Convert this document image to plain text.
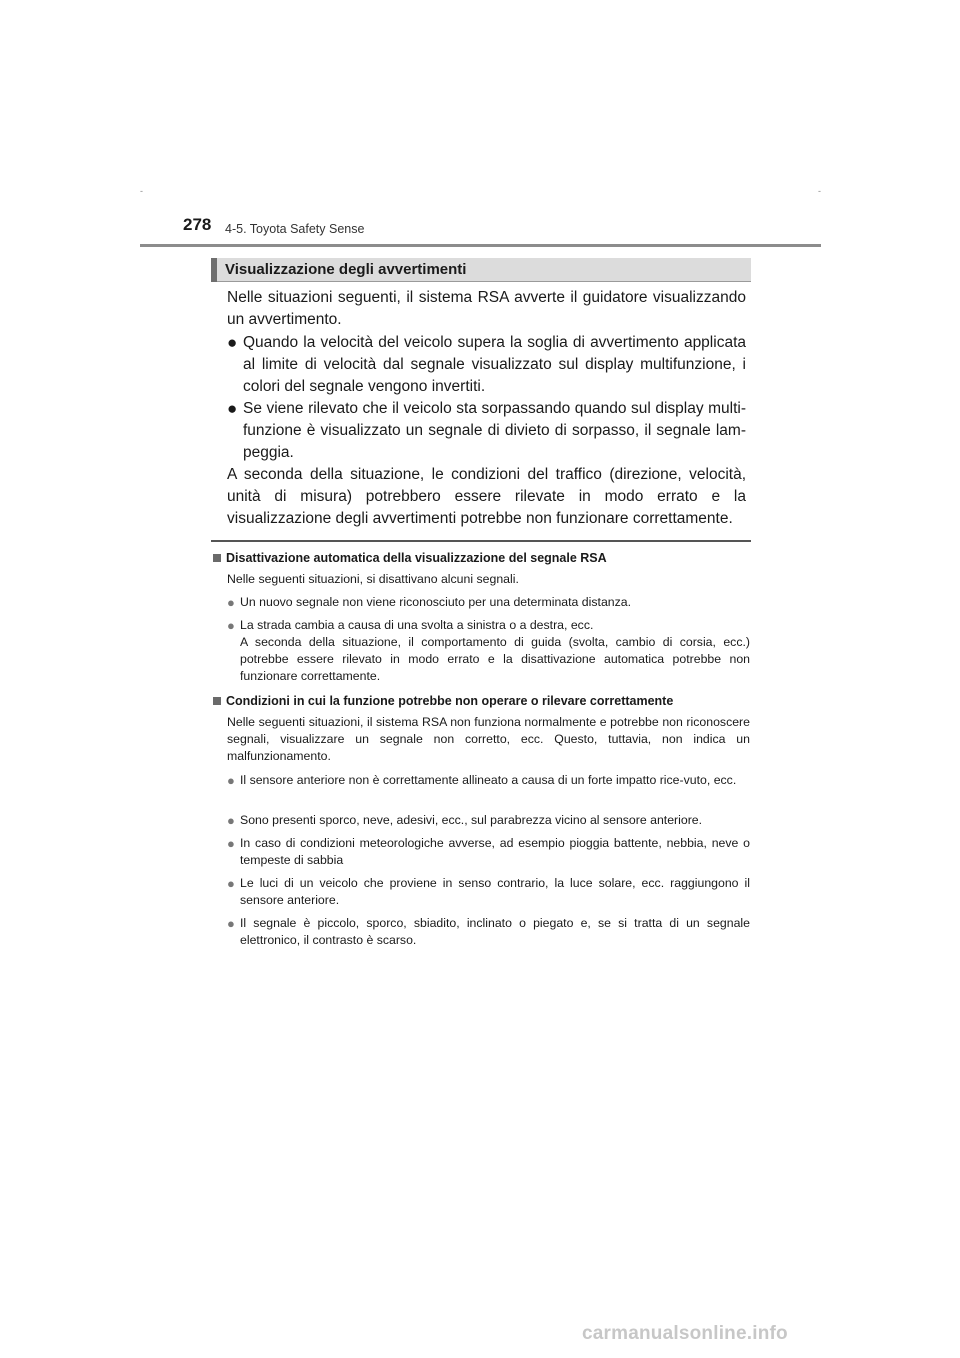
-	-
278 4-5. Toyota Safety Sense
Visualizzazione degli avvertimenti

Nelle situazioni seguenti, il sistema RSA avverte il guidatore visualizzando un avvertimento.

● Quando la velocità del veicolo supera la soglia di avvertimento applicata al limite di velocità dal segnale visualizzato sul display multifunzione, i colori del segnale vengono invertiti.

● Se viene rilevato che il veicolo sta sorpassando quando sul display multi-funzione è visualizzato un segnale di divieto di sorpasso, il segnale lam-peggia.

A seconda della situazione, le condizioni del traffico (direzione, velocità, unità di misura) potrebbero essere rilevate in modo errato e la visualizzazione degli avvertimenti potrebbe non funzionare correttamente.

Disattivazione automatica della visualizzazione del segnale RSA

Nelle seguenti situazioni, si disattivano alcuni segnali.

● Un nuovo segnale non viene riconosciuto per una determinata distanza.

● La strada cambia a causa di una svolta a sinistra o a destra, ecc.

A seconda della situazione, il comportamento di guida (svolta, cambio di corsia, ecc.) potrebbe essere rilevato in modo errato e la disattivazione automatica potrebbe non funzionare correttamente.

Condizioni in cui la funzione potrebbe non operare o rilevare correttamente

Nelle seguenti situazioni, il sistema RSA non funziona normalmente e potrebbe non riconoscere segnali, visualizzare un segnale non corretto, ecc. Questo, tuttavia, non indica un malfunzionamento.

● Il sensore anteriore non è correttamente allineato a causa di un forte impatto rice-vuto, ecc.

● Sono presenti sporco, neve, adesivi, ecc., sul parabrezza vicino al sensore anteriore.

● In caso di condizioni meteorologiche avverse, ad esempio pioggia battente, nebbia, neve o tempeste di sabbia

● Le luci di un veicolo che proviene in senso contrario, la luce solare, ecc. raggiungono il sensore anteriore.

● Il segnale è piccolo, sporco, sbiadito, inclinato o piegato e, se si tratta di un segnale elettronico, il contrasto è scarso.

carmanualsonline.info
